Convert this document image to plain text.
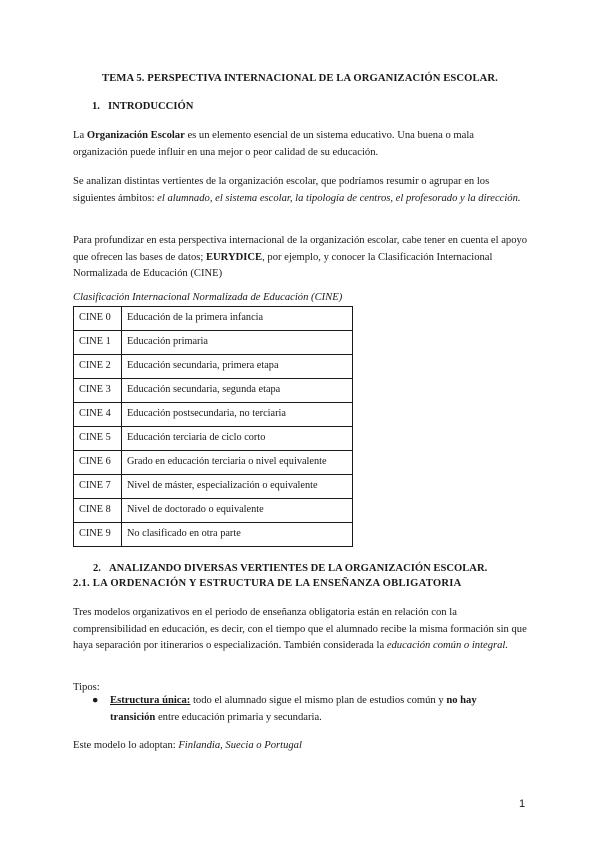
TEMA 5. PERSPECTIVA INTERNACIONAL DE LA ORGANIZACIÓN ESCOLAR.
1. INTRODUCCIÓN

La Organización Escolar es un elemento esencial de un sistema educativo. Una buena o mala organización puede influir en una mejor o peor calidad de su educación.

Se analizan distintas vertientes de la organización escolar, que podríamos resumir o agrupar en los siguientes ámbitos: el alumnado, el sistema escolar, la tipología de centros, el profesorado y la dirección.

Para profundizar en esta perspectiva internacional de la organización escolar, cabe tener en cuenta el apoyo que ofrecen las bases de datos; EURYDICE, por ejemplo, y conocer la Clasificación Internacional Normalizada de Educación (CINE)

Clasificación Internacional Normalizada de Educación (CINE)
CINE 0	Educación de la primera infancia
CINE 1	Educación primaria
CINE 2	Educación secundaria, primera etapa
CINE 3	Educación secundaria, segunda etapa
CINE 4	Educación postsecundaria, no terciaria
CINE 5	Educación terciaria de ciclo corto
CINE 6	Grado en educación terciaria o nivel equivalente
CINE 7	Nivel de máster, especialización o equivalente
CINE 8	Nivel de doctorado o equivalente
CINE 9	No clasificado en otra parte
2. ANALIZANDO DIVERSAS VERTIENTES DE LA ORGANIZACIÓN ESCOLAR.
2.1. LA ORDENACIÓN Y ESTRUCTURA DE LA ENSEÑANZA OBLIGATORIA

Tres modelos organizativos en el periodo de enseñanza obligatoria están en relación con la comprensibilidad en educación, es decir, con el tiempo que el alumnado recibe la misma formación sin que haya separación por itinerarios o especialización. También considerada la educación común o integral.

Tipos:
●	Estructura única: todo el alumnado sigue el mismo plan de estudios común y no hay transición entre educación primaria y secundaria.

Este modelo lo adoptan: Finlandia, Suecia o Portugal

1
